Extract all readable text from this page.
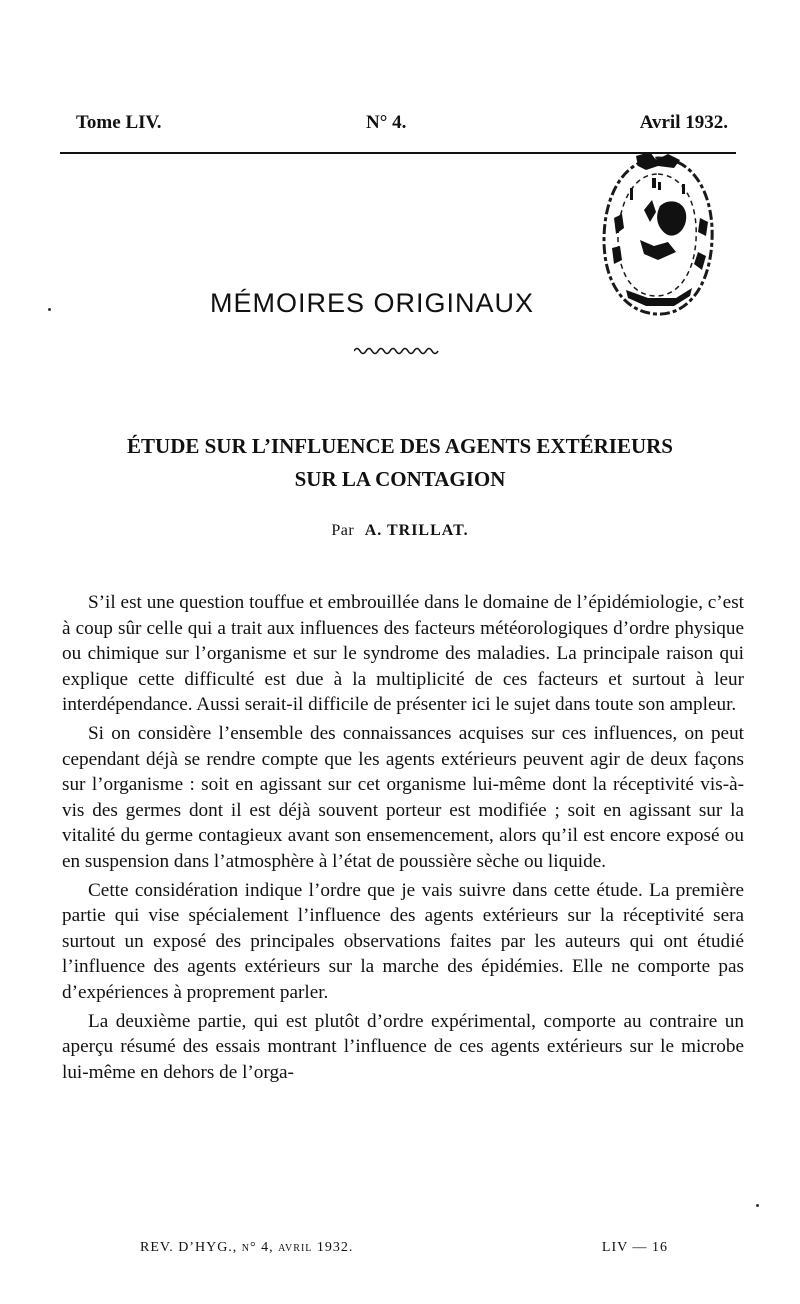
Tome LIV.	N° 4.	Avril 1932.
MÉMOIRES ORIGINAUX
ÉTUDE SUR L’INFLUENCE DES AGENTS EXTÉRIEURS
SUR LA CONTAGION
Par A. TRILLAT.

S’il est une question touffue et embrouillée dans le domaine de l’épidémiologie, c’est à coup sûr celle qui a trait aux influences des facteurs météorologiques d’ordre physique ou chimique sur l’organisme et sur le syndrome des maladies. La principale raison qui explique cette difficulté est due à la multiplicité de ces facteurs et surtout à leur interdépendance. Aussi serait-il difficile de présenter ici le sujet dans toute son ampleur.

Si on considère l’ensemble des connaissances acquises sur ces influences, on peut cependant déjà se rendre compte que les agents extérieurs peuvent agir de deux façons sur l’organisme : soit en agissant sur cet organisme lui-même dont la réceptivité vis-à-vis des germes dont il est déjà souvent porteur est modifiée ; soit en agissant sur la vitalité du germe contagieux avant son ensemencement, alors qu’il est encore exposé ou en suspension dans l’atmosphère à l’état de poussière sèche ou liquide.

Cette considération indique l’ordre que je vais suivre dans cette étude. La première partie qui vise spécialement l’influence des agents extérieurs sur la réceptivité sera surtout un exposé des principales observations faites par les auteurs qui ont étudié l’influence des agents extérieurs sur la marche des épidémies. Elle ne comporte pas d’expériences à proprement parler.

La deuxième partie, qui est plutôt d’ordre expérimental, comporte au contraire un aperçu résumé des essais montrant l’influence de ces agents extérieurs sur le microbe lui-même en dehors de l’orga-

REV. D’HYG., n° 4, avril 1932.	LIV — 16
